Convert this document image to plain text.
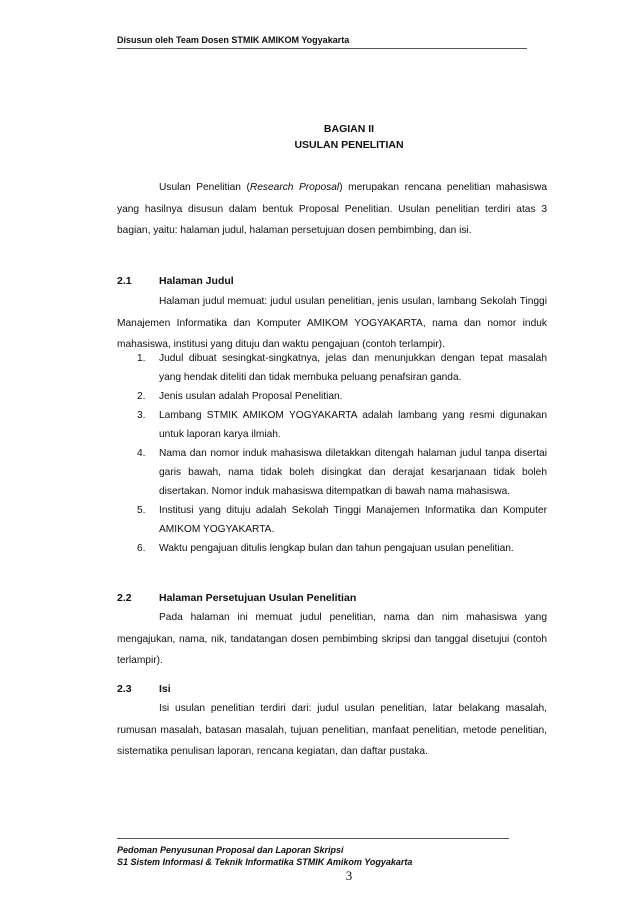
Disusun oleh Team Dosen STMIK AMIKOM Yogyakarta
BAGIAN II
USULAN PENELITIAN
Usulan Penelitian (Research Proposal) merupakan rencana penelitian mahasiswa yang hasilnya disusun dalam bentuk Proposal Penelitian. Usulan penelitian terdiri atas 3 bagian, yaitu: halaman judul, halaman persetujuan dosen pembimbing, dan isi.
2.1	Halaman Judul
Halaman judul memuat: judul usulan penelitian, jenis usulan, lambang Sekolah Tinggi Manajemen Informatika dan Komputer AMIKOM YOGYAKARTA, nama dan nomor induk mahasiswa, institusi yang dituju dan waktu pengajuan (contoh terlampir).
1. Judul dibuat sesingkat-singkatnya, jelas dan menunjukkan dengan tepat masalah yang hendak diteliti dan tidak membuka peluang penafsiran ganda.
2. Jenis usulan adalah Proposal Penelitian.
3. Lambang STMIK AMIKOM YOGYAKARTA adalah lambang yang resmi digunakan untuk laporan karya ilmiah.
4. Nama dan nomor induk mahasiswa diletakkan ditengah halaman judul tanpa disertai garis bawah, nama tidak boleh disingkat dan derajat kesarjanaan tidak boleh disertakan. Nomor induk mahasiswa ditempatkan di bawah nama mahasiswa.
5. Institusi yang dituju adalah Sekolah Tinggi Manajemen Informatika dan Komputer AMIKOM YOGYAKARTA.
6. Waktu pengajuan ditulis lengkap bulan dan tahun pengajuan usulan penelitian.
2.2	Halaman Persetujuan Usulan Penelitian
Pada halaman ini memuat judul penelitian, nama dan nim mahasiswa yang mengajukan, nama, nik, tandatangan dosen pembimbing skripsi dan tanggal disetujui (contoh terlampir).
2.3	Isi
Isi usulan penelitian terdiri dari: judul usulan penelitian, latar belakang masalah, rumusan masalah, batasan masalah, tujuan penelitian, manfaat penelitian, metode penelitian, sistematika penulisan laporan, rencana kegiatan, dan daftar pustaka.
Pedoman Penyusunan Proposal dan Laporan Skripsi
S1 Sistem Informasi & Teknik Informatika STMIK Amikom Yogyakarta
3
